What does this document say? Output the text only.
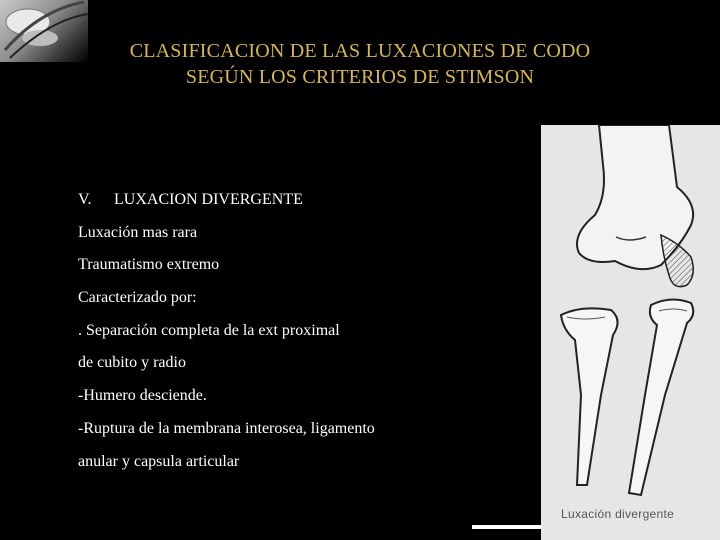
CLASIFICACION DE LAS LUXACIONES DE CODO
SEGÚN LOS CRITERIOS DE STIMSON
V.	LUXACION DIVERGENTE
Luxación mas rara
Traumatismo extremo
Caracterizado por:
. Separación completa de la ext proximal
de cubito y radio
-Humero desciende.
-Ruptura de la membrana interosea, ligamento
anular y capsula articular
Luxación divergente
